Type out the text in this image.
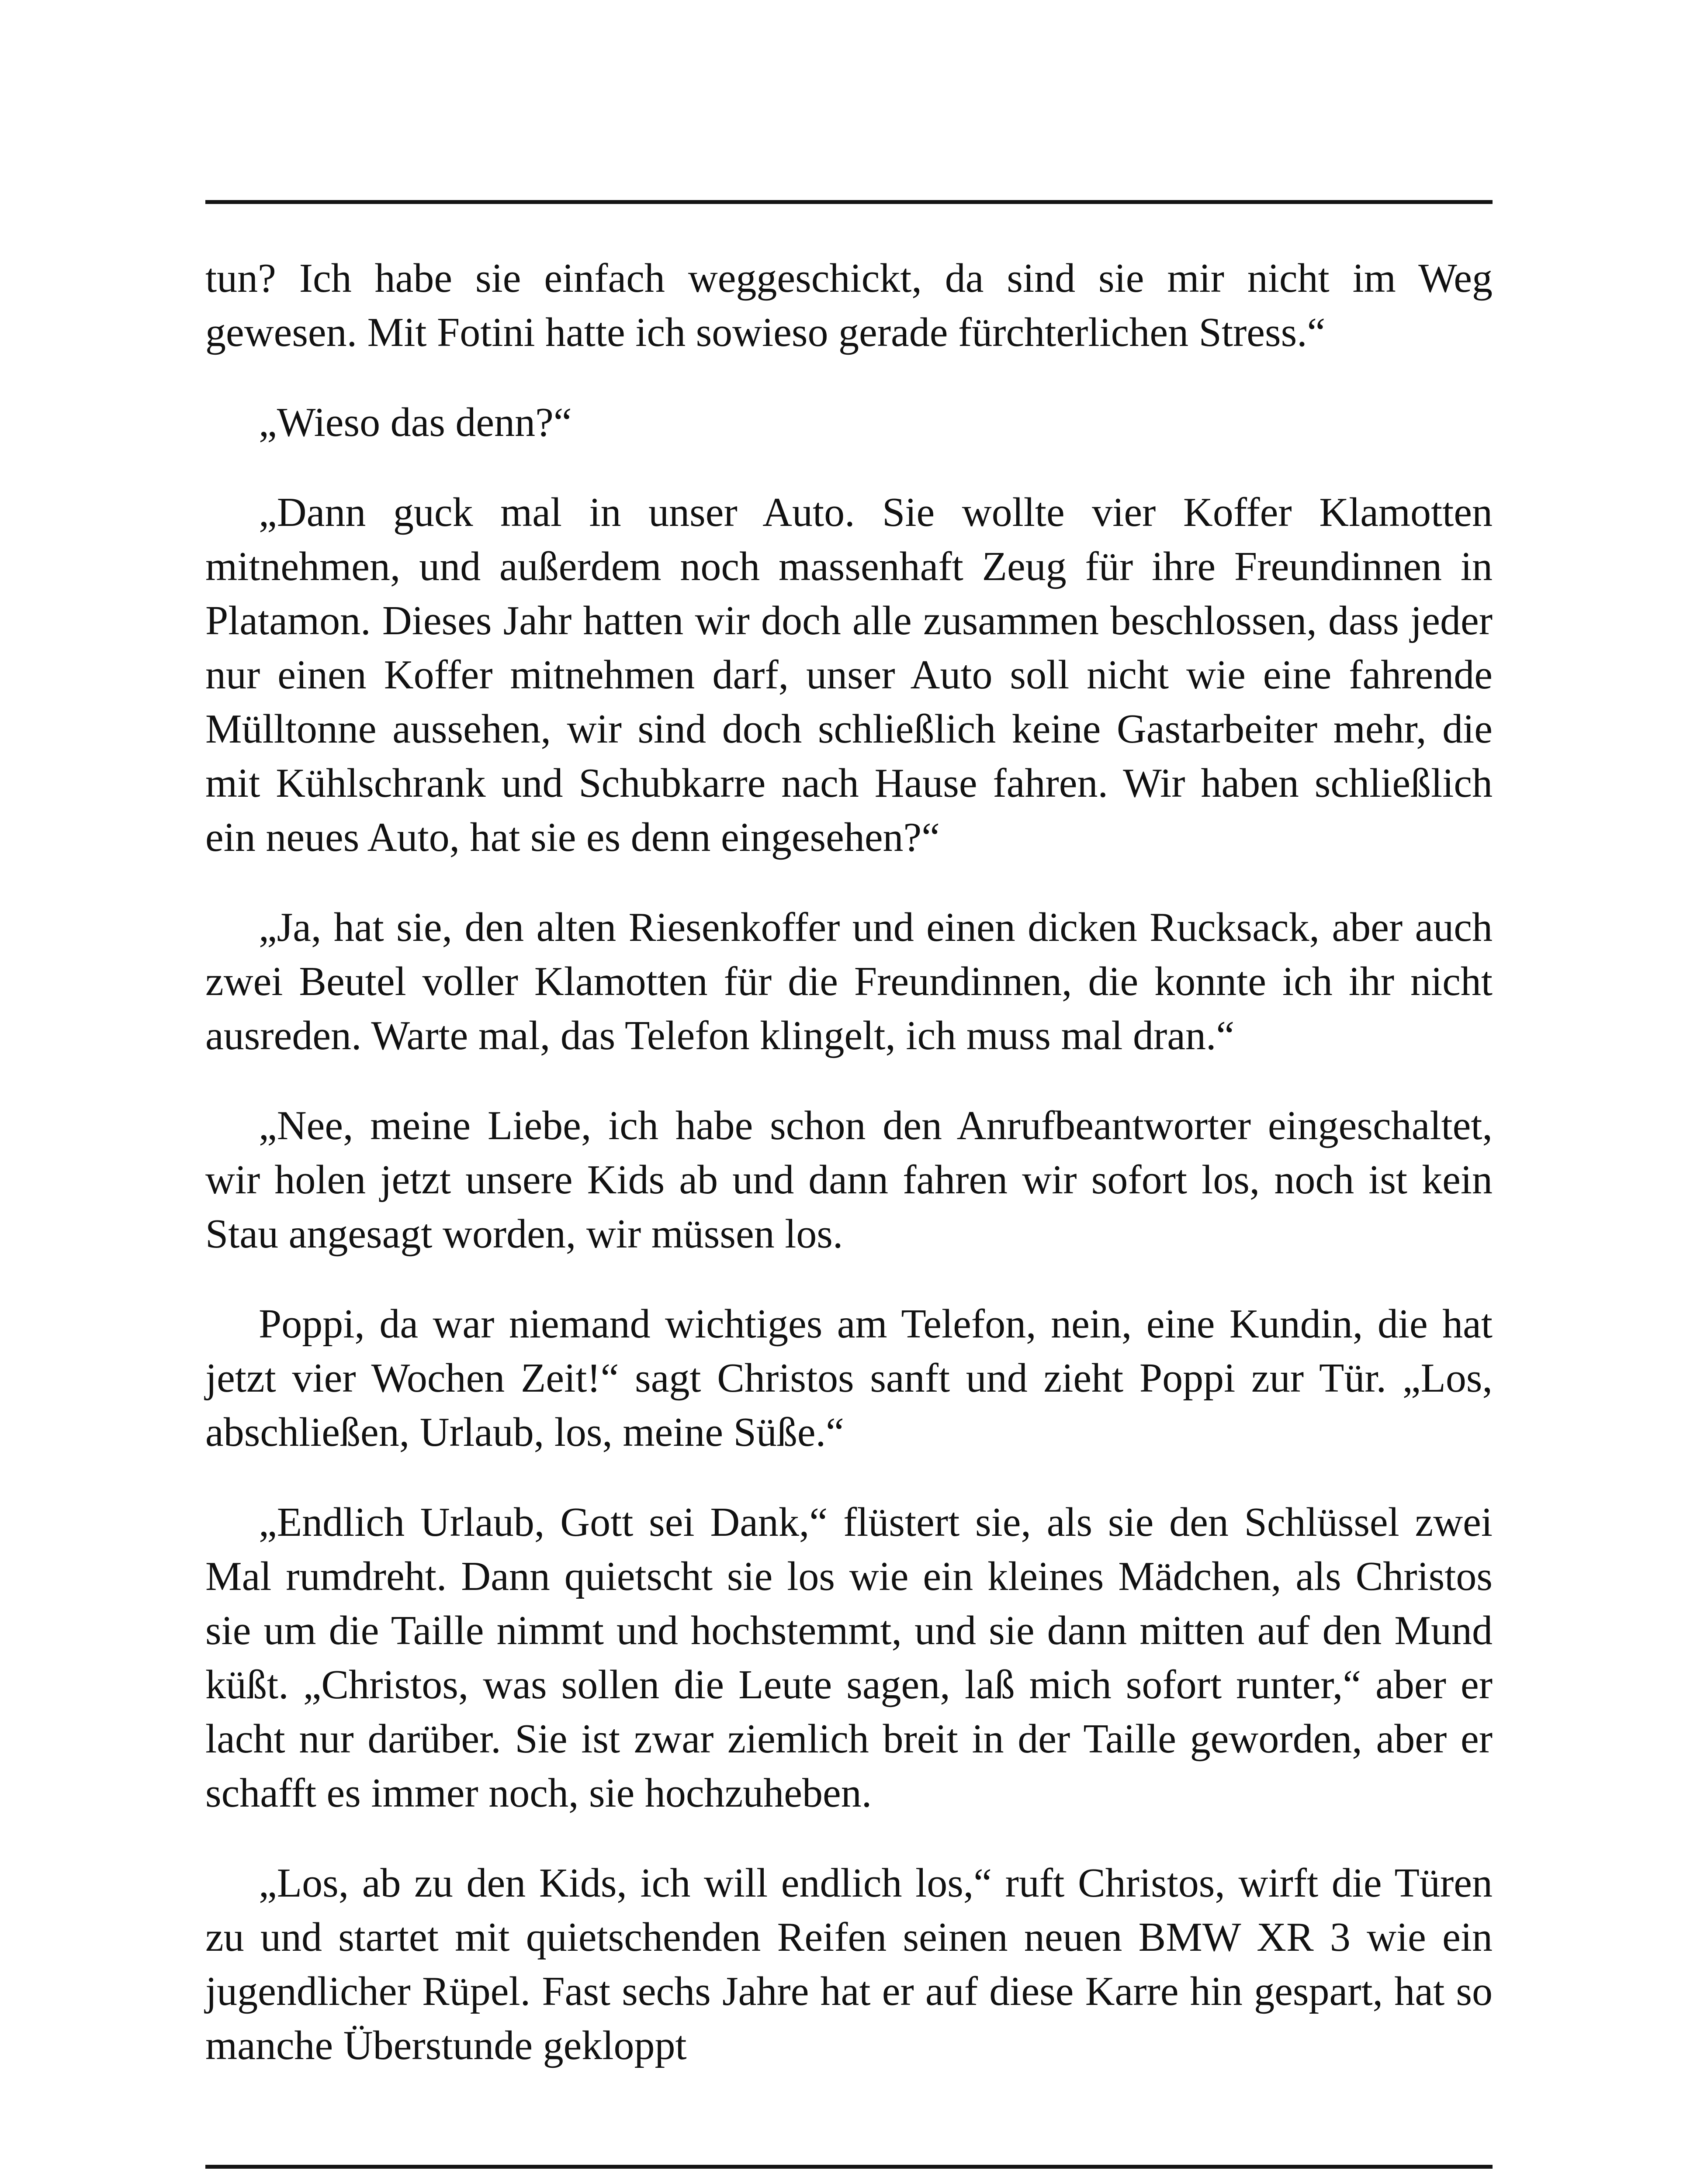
tun? Ich habe sie einfach weggeschickt, da sind sie mir nicht im Weg gewesen. Mit Fotini hatte ich sowieso gerade fürchterlichen Stress.“

„Wieso das denn?“

„Dann guck mal in unser Auto. Sie wollte vier Koffer Klamotten mitnehmen, und außerdem noch massenhaft Zeug für ihre Freundinnen in Platamon. Dieses Jahr hatten wir doch alle zusammen beschlossen, dass jeder nur einen Koffer mitnehmen darf, unser Auto soll nicht wie eine fahrende Mülltonne aussehen, wir sind doch schließlich keine Gastarbeiter mehr, die mit Kühlschrank und Schubkarre nach Hause fahren. Wir haben schließlich ein neues Auto, hat sie es denn eingesehen?“

„Ja, hat sie, den alten Riesenkoffer und einen dicken Rucksack, aber auch zwei Beutel voller Klamotten für die Freundinnen, die konnte ich ihr nicht ausreden. Warte mal, das Telefon klingelt, ich muss mal dran.“

„Nee, meine Liebe, ich habe schon den Anrufbeantworter eingeschaltet, wir holen jetzt unsere Kids ab und dann fahren wir sofort los, noch ist kein Stau angesagt worden, wir müssen los.

Poppi, da war niemand wichtiges am Telefon, nein, eine Kundin, die hat jetzt vier Wochen Zeit!“ sagt Christos sanft und zieht Poppi zur Tür. „Los, abschließen, Urlaub, los, meine Süße.“

„Endlich Urlaub, Gott sei Dank,“ flüstert sie, als sie den Schlüssel zwei Mal rumdreht. Dann quietscht sie los wie ein kleines Mädchen, als Christos sie um die Taille nimmt und hochstemmt, und sie dann mitten auf den Mund küßt. „Christos, was sollen die Leute sagen, laß mich sofort runter,“ aber er lacht nur darüber. Sie ist zwar ziemlich breit in der Taille geworden, aber er schafft es immer noch, sie hochzuheben.

„Los, ab zu den Kids, ich will endlich los,“ ruft Christos, wirft die Türen zu und startet mit quietschenden Reifen seinen neuen BMW XR 3 wie ein jugendlicher Rüpel. Fast sechs Jahre hat er auf diese Karre hin gespart, hat so manche Überstunde gekloppt
